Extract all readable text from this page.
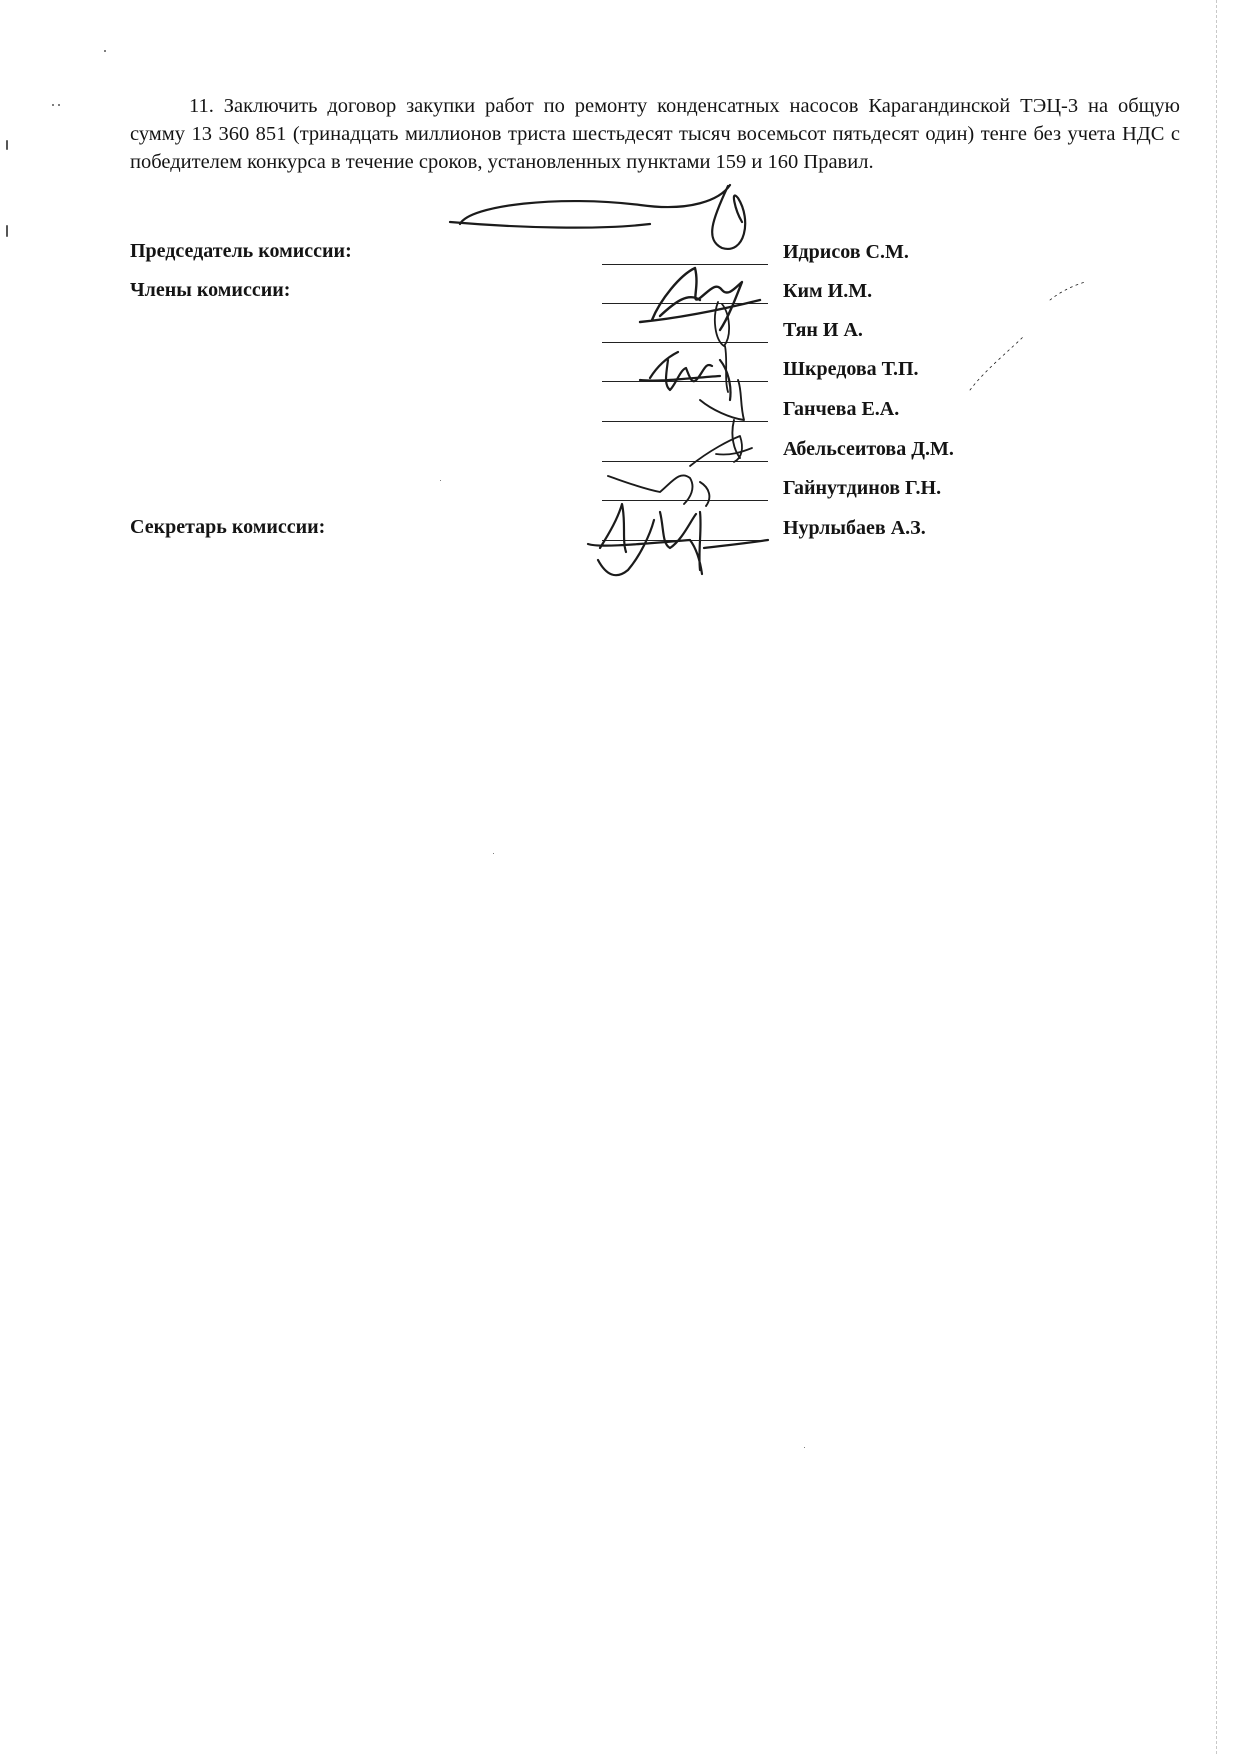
11. Заключить договор закупки работ по ремонту конденсатных насосов Карагандинской ТЭЦ-3 на общую сумму 13 360 851 (тринадцать миллионов триста шестьдесят тысяч восемьсот пятьдесят один) тенге без учета НДС с победителем конкурса в течение сроков, установленных пунктами 159 и 160 Правил.

Председатель комиссии:
Члены комиссии:
Секретарь комиссии:
Идрисов С.М.
Ким И.М.
Тян И А.
Шкредова Т.П.
Ганчева Е.А.
Абельсеитова Д.М.
Гайнутдинов Г.Н.
Нурлыбаев А.З.
